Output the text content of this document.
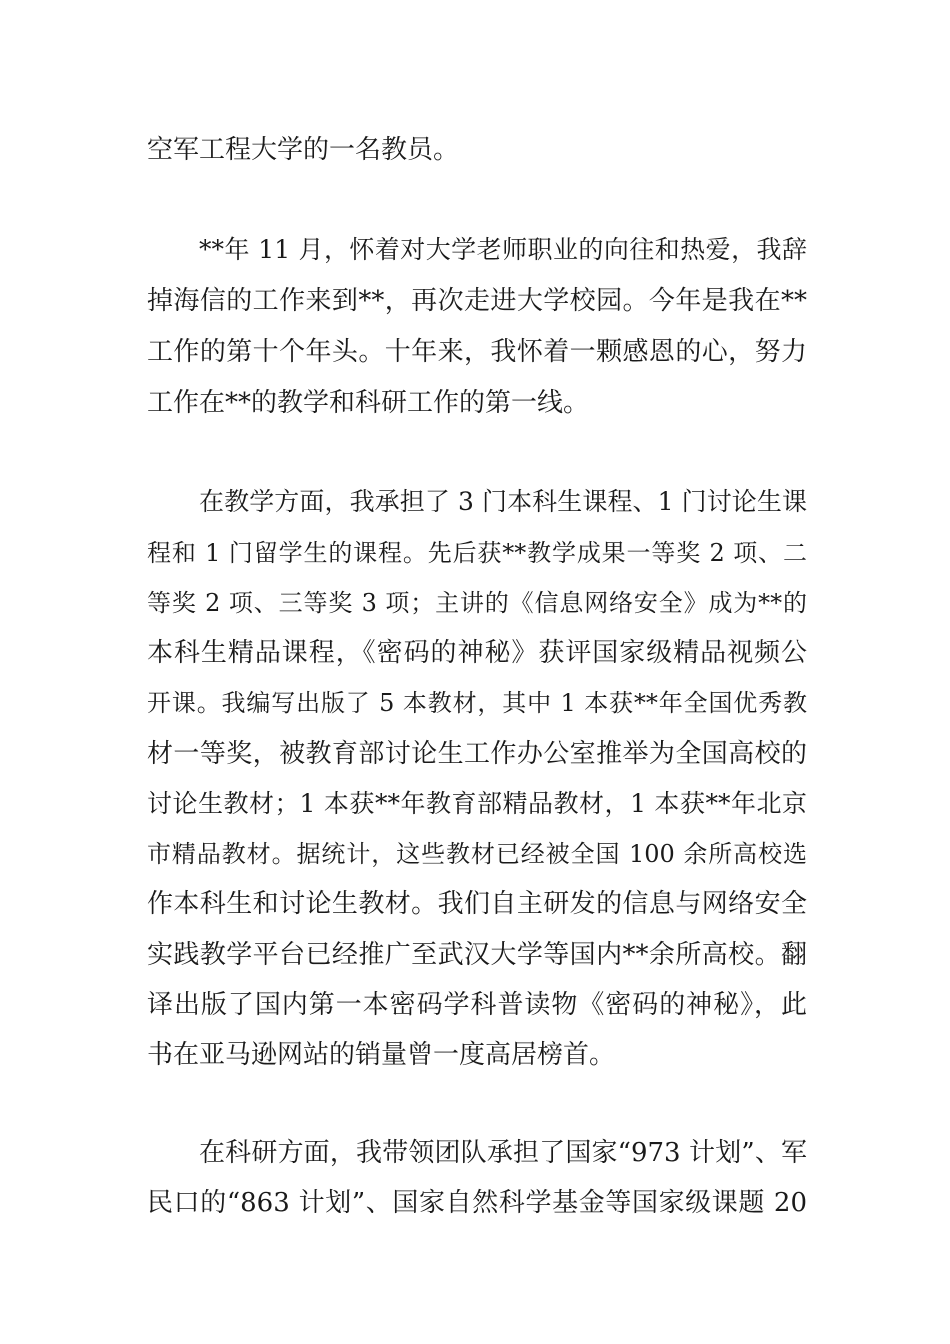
空军工程大学的一名教员。
**年 11 月，怀着对大学老师职业的向往和热爱，我辞
掉海信的工作来到**，再次走进大学校园。今年是我在**
工作的第十个年头。十年来，我怀着一颗感恩的心，努力
工作在**的教学和科研工作的第一线。
在教学方面，我承担了 3 门本科生课程、1 门讨论生课
程和 1 门留学生的课程。先后获**教学成果一等奖 2 项、二
等奖 2 项、三等奖 3 项；主讲的《信息网络安全》成为**的
本科生精品课程，《密码的神秘》获评国家级精品视频公
开课。我编写出版了 5 本教材，其中 1 本获**年全国优秀教
材一等奖，被教育部讨论生工作办公室推举为全国高校的
讨论生教材；1 本获**年教育部精品教材，1 本获**年北京
市精品教材。据统计，这些教材已经被全国 100 余所高校选
作本科生和讨论生教材。我们自主研发的信息与网络安全
实践教学平台已经推广至武汉大学等国内**余所高校。翻
译出版了国内第一本密码学科普读物《密码的神秘》，此
书在亚马逊网站的销量曾一度高居榜首。
在科研方面，我带领团队承担了国家“973 计划”、军
民口的“863 计划”、国家自然科学基金等国家级课题 20
